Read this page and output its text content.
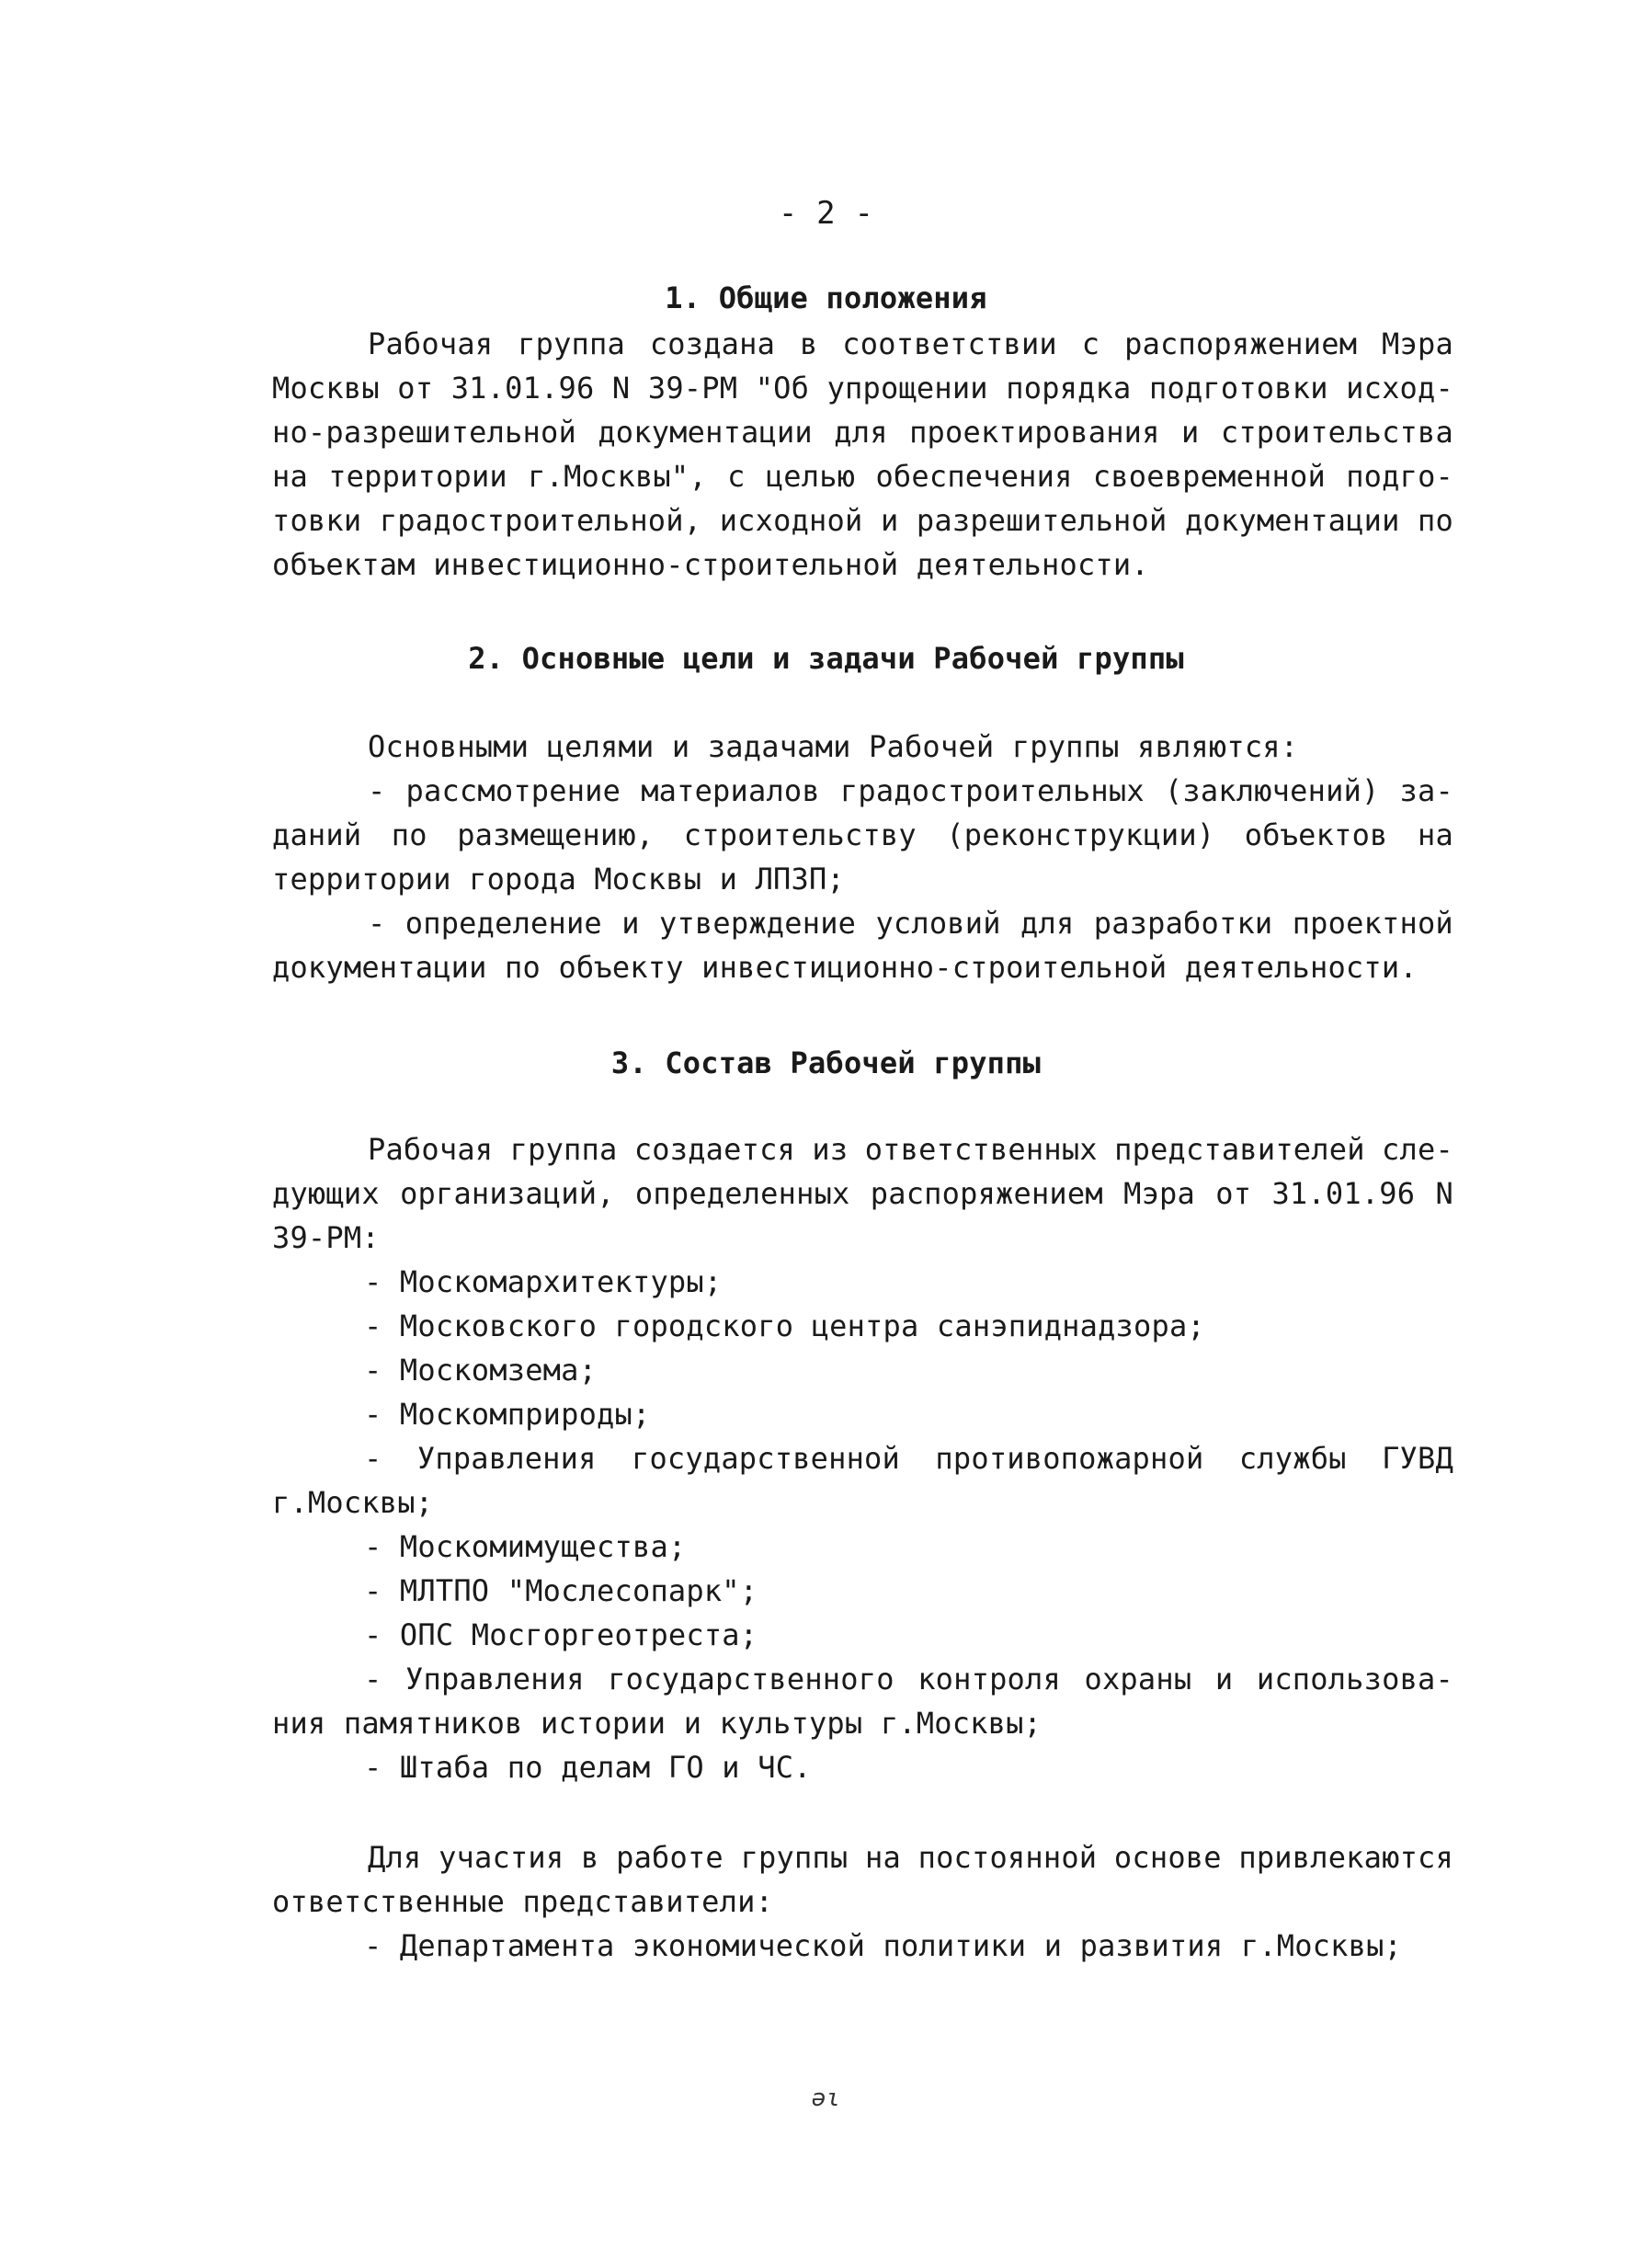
- 2 -
1. Общие положения
Рабочая группа создана в соответствии с распоряжением Мэра
Москвы от 31.01.96 N 39-РМ "Об упрощении порядка подготовки исход-
но-разрешительной документации для проектирования и строительства
на территории г.Москвы", с целью обеспечения своевременной подго-
товки градостроительной, исходной и разрешительной документации по
объектам инвестиционно-строительной деятельности.
2. Основные цели и задачи Рабочей группы
Основными целями и задачами Рабочей группы являются:
- рассмотрение материалов градостроительных (заключений) за-
даний по размещению, строительству (реконструкции) объектов на
территории города Москвы и ЛПЗП;
- определение и утверждение условий для разработки проектной
документации по объекту инвестиционно-строительной деятельности.
3. Состав Рабочей группы
Рабочая группа создается из ответственных представителей сле-
дующих организаций, определенных распоряжением Мэра от 31.01.96 N
39-РМ:
- Москомархитектуры;
- Московского городского центра санэпиднадзора;
- Москомзема;
- Москомприроды;
- Управления государственной противопожарной службы ГУВД
г.Москвы;
- Москомимущества;
- МЛТПО "Мослесопарк";
- ОПС Мосгоргеотреста;
- Управления государственного контроля охраны и использова-
ния памятников истории и культуры г.Москвы;
- Штаба по делам ГО и ЧС.
Для участия в работе группы на постоянной основе привлекаются
ответственные представители:
- Департамента экономической политики и развития г.Москвы;
ǝɩ
